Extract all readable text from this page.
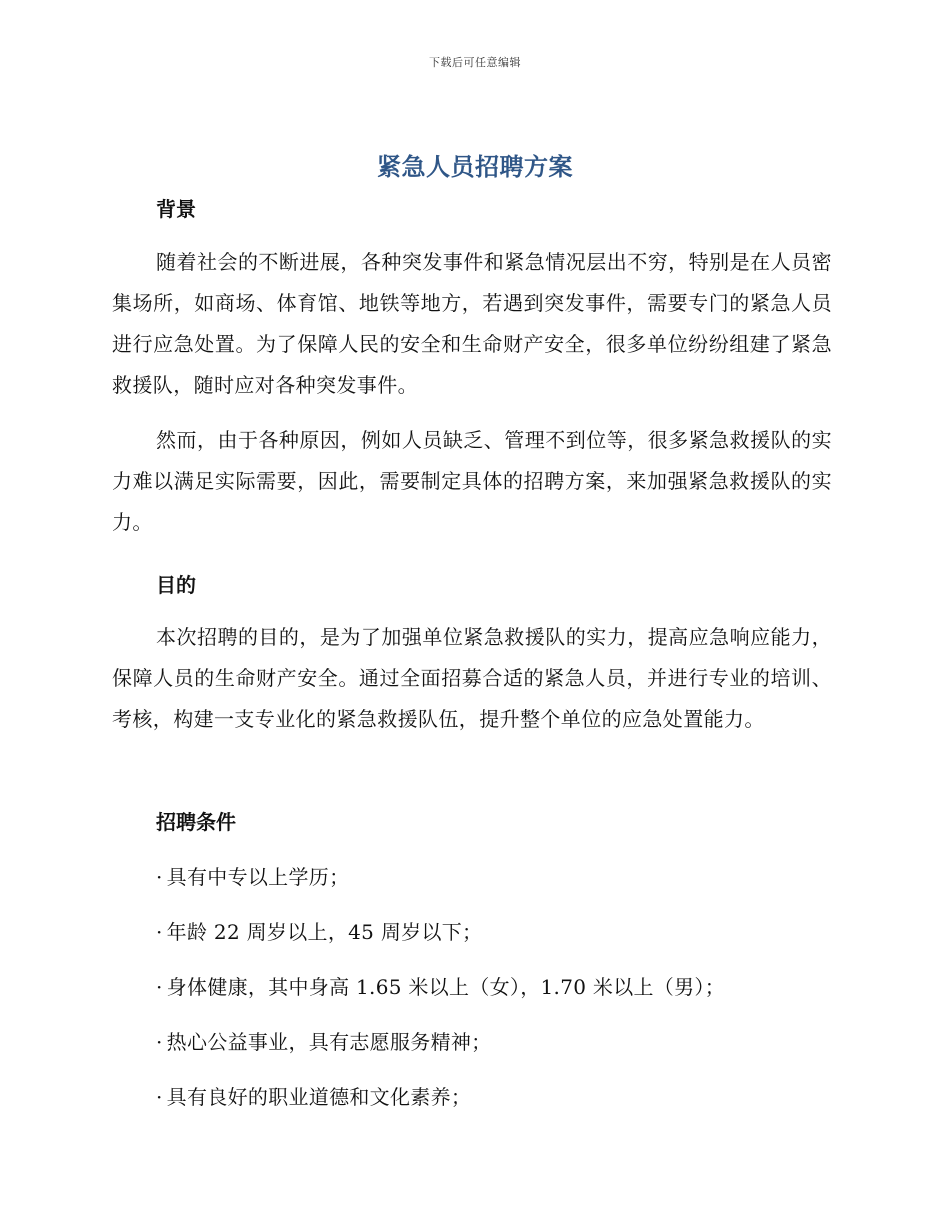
下载后可任意编辑
紧急人员招聘方案
背景

随着社会的不断进展，各种突发事件和紧急情况层出不穷，特别是在人员密集场所，如商场、体育馆、地铁等地方，若遇到突发事件，需要专门的紧急人员进行应急处置。为了保障人民的安全和生命财产安全，很多单位纷纷组建了紧急救援队，随时应对各种突发事件。

然而，由于各种原因，例如人员缺乏、管理不到位等，很多紧急救援队的实力难以满足实际需要，因此，需要制定具体的招聘方案，来加强紧急救援队的实力。

目的

本次招聘的目的，是为了加强单位紧急救援队的实力，提高应急响应能力，保障人员的生命财产安全。通过全面招募合适的紧急人员，并进行专业的培训、考核，构建一支专业化的紧急救援队伍，提升整个单位的应急处置能力。

招聘条件

· 具有中专以上学历；

· 年龄 22 周岁以上，45 周岁以下；

· 身体健康，其中身高 1.65 米以上（女），1.70 米以上（男）；

· 热心公益事业，具有志愿服务精神；

· 具有良好的职业道德和文化素养；
